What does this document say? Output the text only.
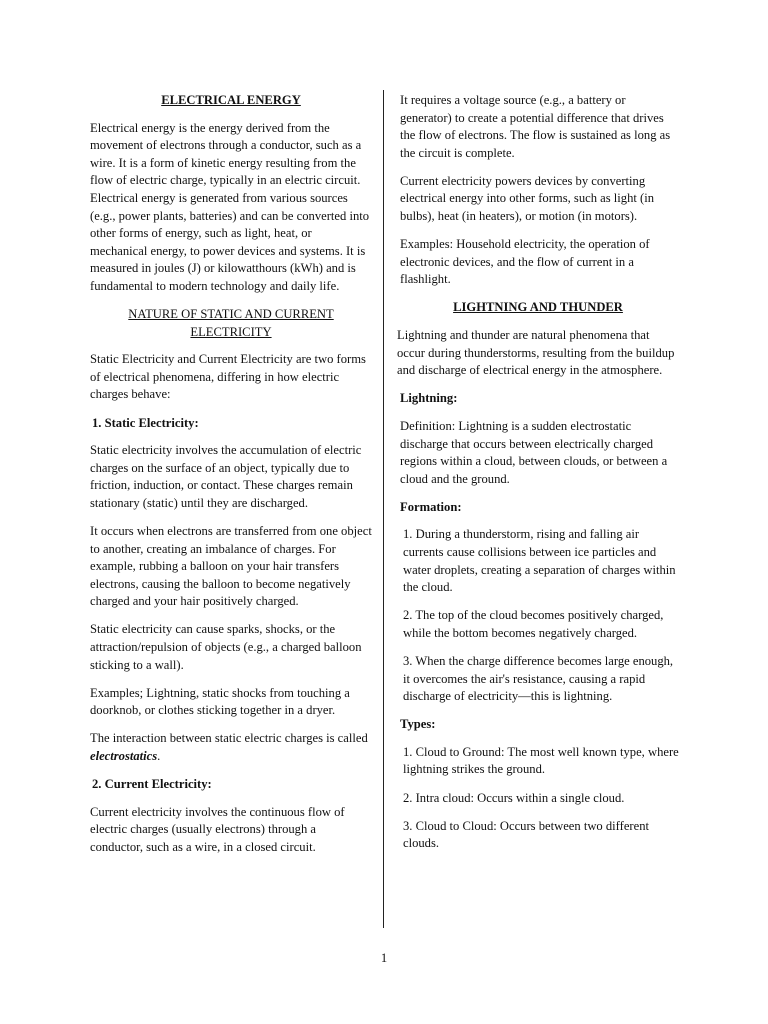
ELECTRICAL ENERGY

Electrical energy is the energy derived from the movement of electrons through a conductor, such as a wire. It is a form of kinetic energy resulting from the flow of electric charge, typically in an electric circuit. Electrical energy is generated from various sources (e.g., power plants, batteries) and can be converted into other forms of energy, such as light, heat, or mechanical energy, to power devices and systems. It is measured in joules (J) or kilowatthours (kWh) and is fundamental to modern technology and daily life.

NATURE OF STATIC AND CURRENT ELECTRICITY

Static Electricity and Current Electricity are two forms of electrical phenomena, differing in how electric charges behave:

1. Static Electricity:

Static electricity involves the accumulation of electric charges on the surface of an object, typically due to friction, induction, or contact. These charges remain stationary (static) until they are discharged.

It occurs when electrons are transferred from one object to another, creating an imbalance of charges. For example, rubbing a balloon on your hair transfers electrons, causing the balloon to become negatively charged and your hair positively charged.

Static electricity can cause sparks, shocks, or the attraction/repulsion of objects (e.g., a charged balloon sticking to a wall).

Examples; Lightning, static shocks from touching a doorknob, or clothes sticking together in a dryer.

The interaction between static electric charges is called electrostatics.

2. Current Electricity:

Current electricity involves the continuous flow of electric charges (usually electrons) through a conductor, such as a wire, in a closed circuit.

It requires a voltage source (e.g., a battery or generator) to create a potential difference that drives the flow of electrons. The flow is sustained as long as the circuit is complete.

Current electricity powers devices by converting electrical energy into other forms, such as light (in bulbs), heat (in heaters), or motion (in motors).

Examples: Household electricity, the operation of electronic devices, and the flow of current in a flashlight.

LIGHTNING AND THUNDER

Lightning and thunder are natural phenomena that occur during thunderstorms, resulting from the buildup and discharge of electrical energy in the atmosphere.

Lightning:

Definition: Lightning is a sudden electrostatic discharge that occurs between electrically charged regions within a cloud, between clouds, or between a cloud and the ground.

Formation:

1. During a thunderstorm, rising and falling air currents cause collisions between ice particles and water droplets, creating a separation of charges within the cloud.

2. The top of the cloud becomes positively charged, while the bottom becomes negatively charged.

3. When the charge difference becomes large enough, it overcomes the air's resistance, causing a rapid discharge of electricity—this is lightning.

Types:

1. Cloud to Ground: The most well known type, where lightning strikes the ground.

2. Intra cloud: Occurs within a single cloud.

3. Cloud to Cloud: Occurs between two different clouds.

1
